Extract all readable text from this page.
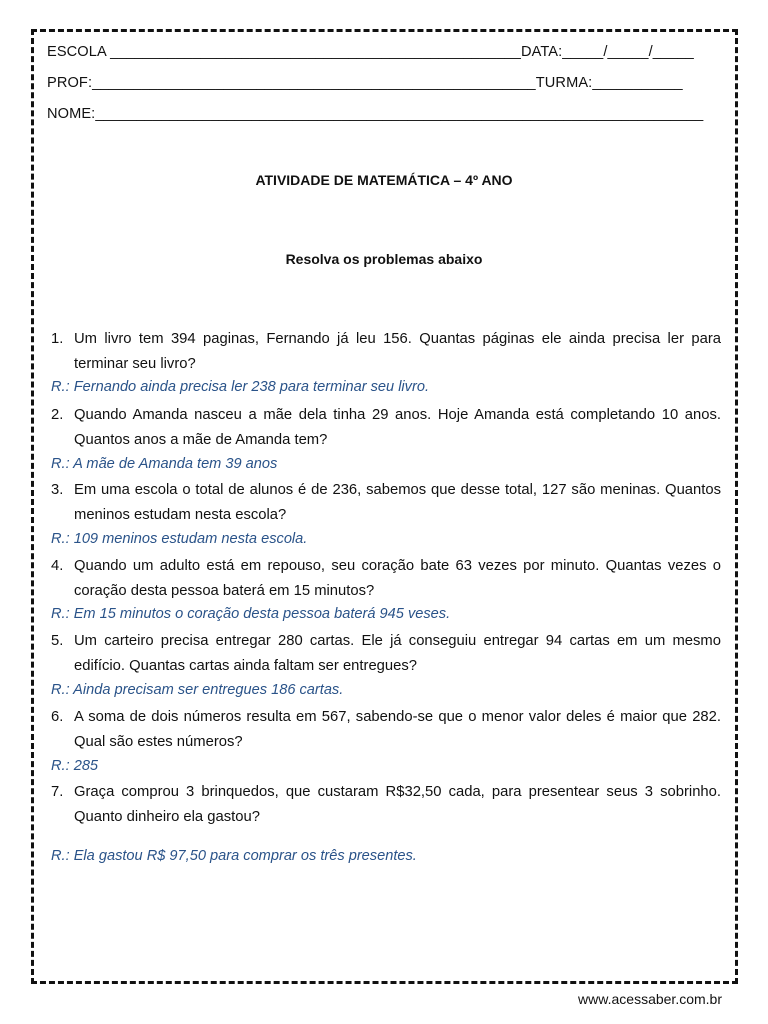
ESCOLA __________________________________________________DATA:_____/_____/_____
PROF:______________________________________________________TURMA:___________
NOME:__________________________________________________________________________
ATIVIDADE DE MATEMÁTICA – 4º ANO
Resolva os problemas abaixo
1. Um livro tem 394 paginas, Fernando já leu 156. Quantas páginas ele ainda precisa ler para terminar seu livro?
R.: Fernando ainda precisa ler 238 para terminar seu livro.
2. Quando Amanda nasceu a mãe dela tinha 29 anos. Hoje Amanda está completando 10 anos. Quantos anos a mãe de Amanda tem?
R.: A mãe de Amanda tem 39 anos
3. Em uma escola o total de alunos é de 236, sabemos que desse total, 127 são meninas. Quantos meninos estudam nesta escola?
R.: 109 meninos estudam nesta escola.
4. Quando um adulto está em repouso, seu coração bate 63 vezes por minuto. Quantas vezes o coração desta pessoa baterá em 15 minutos?
R.: Em 15 minutos o coração desta pessoa baterá 945 veses.
5. Um carteiro precisa entregar 280 cartas. Ele já conseguiu entregar 94 cartas em um mesmo edifício. Quantas cartas ainda faltam ser entregues?
R.: Ainda precisam ser entregues 186 cartas.
6. A soma de dois números resulta em 567, sabendo-se que o menor valor deles é maior que 282. Qual são estes números?
R.: 285
7. Graça comprou 3 brinquedos, que custaram R$32,50 cada, para presentear seus 3 sobrinho. Quanto dinheiro ela gastou?
R.: Ela gastou R$ 97,50 para comprar os três presentes.
www.acessaber.com.br
